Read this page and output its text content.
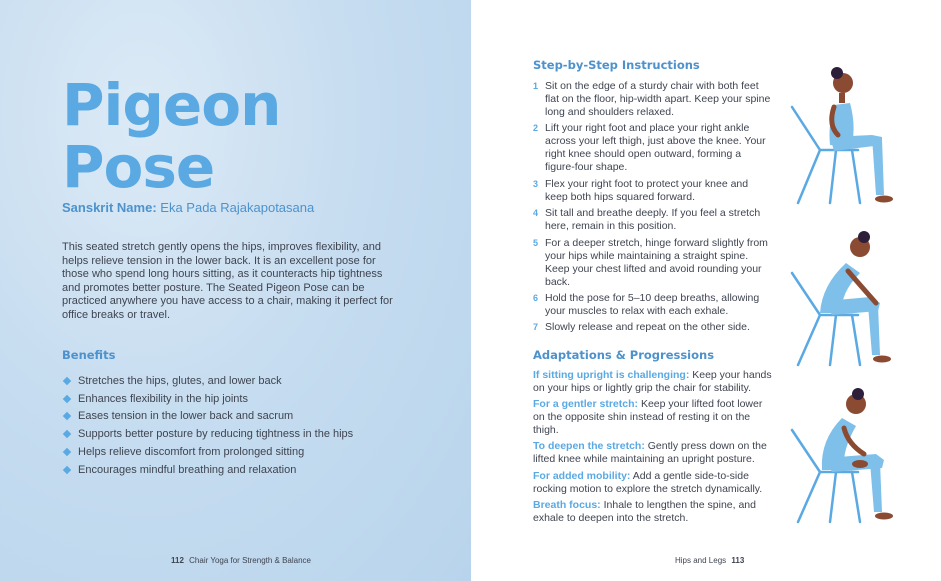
Pigeon
Pose
Sanskrit Name: Eka Pada Rajakapotasana

This seated stretch gently opens the hips, improves flexibility, and helps relieve tension in the lower back. It is an excellent pose for those who spend long hours sitting, as it counteracts hip tightness and promotes better posture. The Seated Pigeon Pose can be practiced anywhere you have access to a chair, making it perfect for office breaks or travel.

Benefits
Stretches the hips, glutes, and lower back
Enhances flexibility in the hip joints
Eases tension in the lower back and sacrum
Supports better posture by reducing tightness in the hips
Helps relieve discomfort from prolonged sitting
Encourages mindful breathing and relaxation
112 Chair Yoga for Strength & Balance
Step-by-Step Instructions
1 Sit on the edge of a sturdy chair with both feet flat on the floor, hip-width apart. Keep your spine long and shoulders relaxed.
2 Lift your right foot and place your right ankle across your left thigh, just above the knee. Your right knee should open outward, forming a figure-four shape.
3 Flex your right foot to protect your knee and keep both hips squared forward.
4 Sit tall and breathe deeply. If you feel a stretch here, remain in this position.
5 For a deeper stretch, hinge forward slightly from your hips while maintaining a straight spine. Keep your chest lifted and avoid rounding your back.
6 Hold the pose for 5–10 deep breaths, allowing your muscles to relax with each exhale.
7 Slowly release and repeat on the other side.
Adaptations & Progressions

If sitting upright is challenging: Keep your hands on your hips or lightly grip the chair for stability.

For a gentler stretch: Keep your lifted foot lower on the opposite shin instead of resting it on the thigh.

To deepen the stretch: Gently press down on the lifted knee while maintaining an upright posture.

For added mobility: Add a gentle side-to-side rocking motion to explore the stretch dynamically.

Breath focus: Inhale to lengthen the spine, and exhale to deepen into the stretch.

Hips and Legs 113
